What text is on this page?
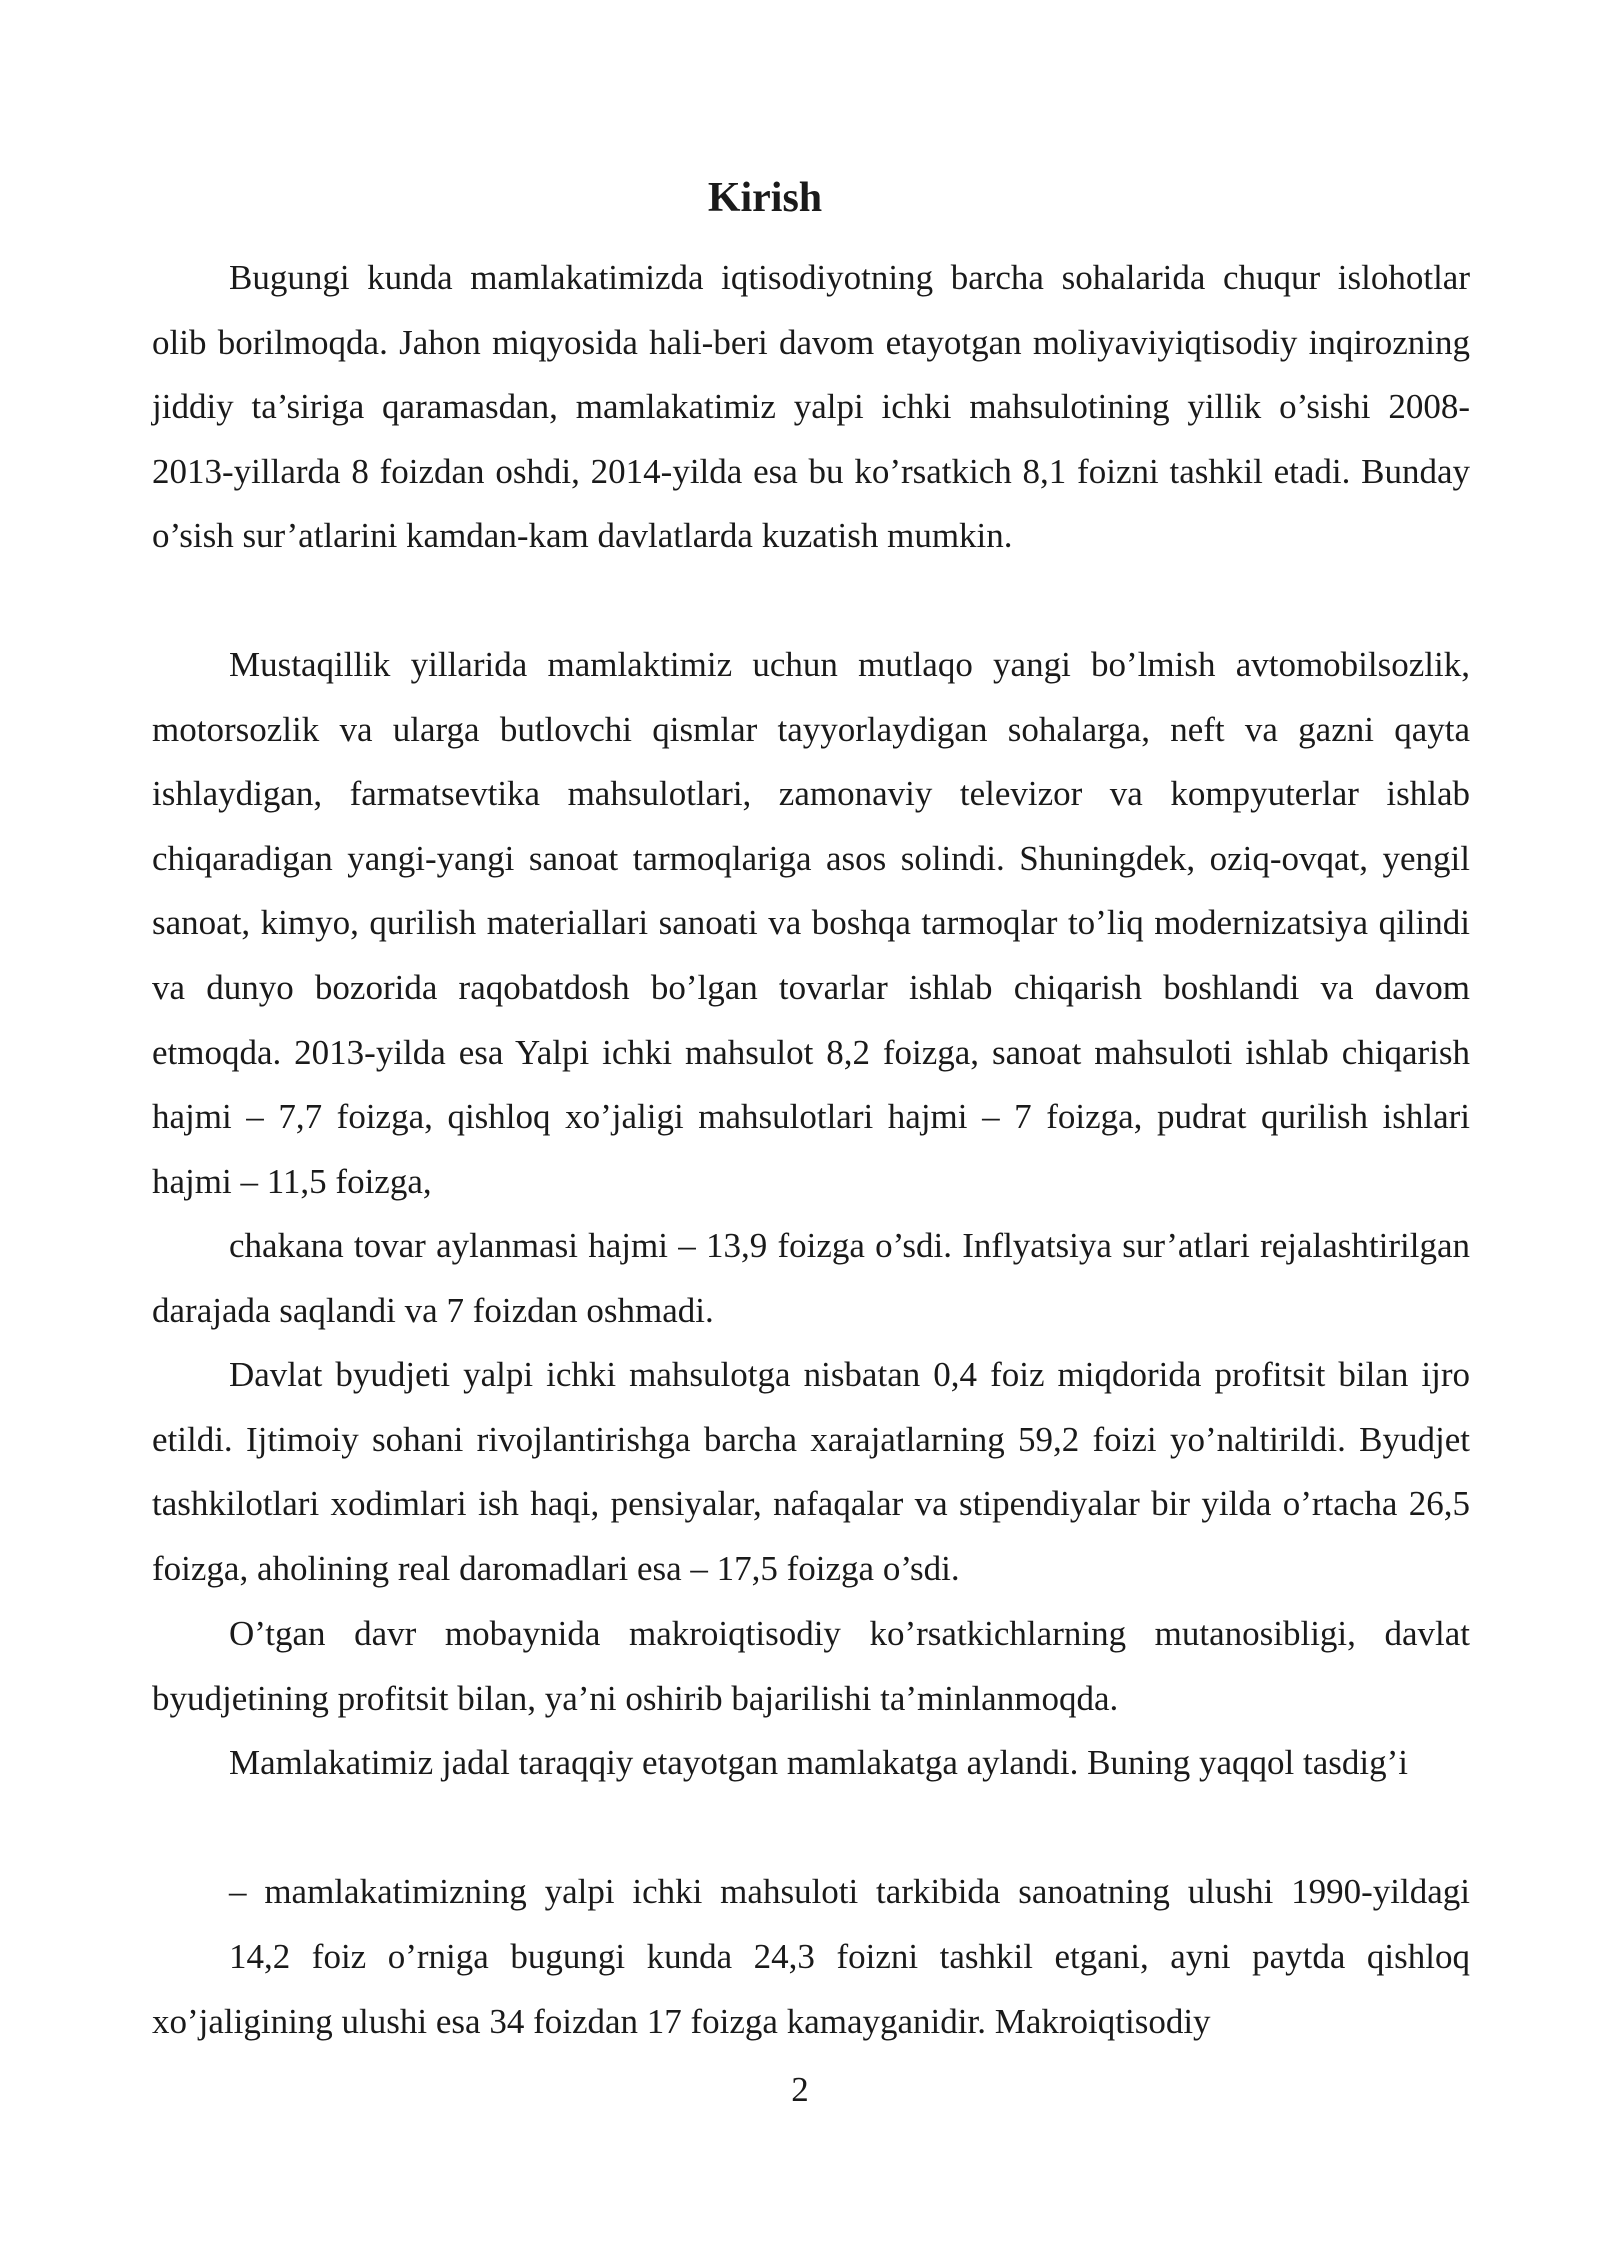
Kirish

Bugungi kunda mamlakatimizda iqtisodiyotning barcha sohalarida chuqur islohotlar olib borilmoqda. Jahon miqyosida hali-beri davom etayotgan moliyaviyiqtisodiy inqirozning jiddiy ta’siriga qaramasdan, mamlakatimiz yalpi ichki mahsulotining yillik o’sishi 2008-2013-yillarda 8 foizdan oshdi, 2014-yilda esa bu ko’rsatkich 8,1 foizni tashkil etadi. Bunday o’sish sur’atlarini kamdan-kam davlatlarda kuzatish mumkin.

Mustaqillik yillarida mamlaktimiz uchun mutlaqo yangi bo’lmish avtomobilsozlik, motorsozlik va ularga butlovchi qismlar tayyorlaydigan sohalarga, neft va gazni qayta ishlaydigan, farmatsevtika mahsulotlari, zamonaviy televizor va kompyuterlar ishlab chiqaradigan yangi-yangi sanoat tarmoqlariga asos solindi. Shuningdek, oziq-ovqat, yengil sanoat, kimyo, qurilish materiallari sanoati va boshqa tarmoqlar to’liq modernizatsiya qilindi va dunyo bozorida raqobatdosh bo’lgan tovarlar ishlab chiqarish boshlandi va davom etmoqda. 2013-yilda esa Yalpi ichki mahsulot 8,2 foizga, sanoat mahsuloti ishlab chiqarish hajmi – 7,7 foizga, qishloq xo’jaligi mahsulotlari hajmi – 7 foizga, pudrat qurilish ishlari hajmi – 11,5 foizga,

chakana tovar aylanmasi hajmi – 13,9 foizga o’sdi. Inflyatsiya sur’atlari rejalashtirilgan darajada saqlandi va 7 foizdan oshmadi.

Davlat byudjeti yalpi ichki mahsulotga nisbatan 0,4 foiz miqdorida profitsit bilan ijro etildi. Ijtimoiy sohani rivojlantirishga barcha xarajatlarning 59,2 foizi yo’naltirildi. Byudjet tashkilotlari xodimlari ish haqi, pensiyalar, nafaqalar va stipendiyalar bir yilda o’rtacha 26,5 foizga, aholining real daromadlari esa – 17,5 foizga o’sdi.

O’tgan davr mobaynida makroiqtisodiy ko’rsatkichlarning mutanosibligi, davlat byudjetining profitsit bilan, ya’ni oshirib bajarilishi ta’minlanmoqda.

Mamlakatimiz jadal taraqqiy etayotgan mamlakatga aylandi. Buning yaqqol tasdig’i

– mamlakatimizning yalpi ichki mahsuloti tarkibida sanoatning ulushi 1990-yildagi

14,2 foiz o’rniga bugungi kunda 24,3 foizni tashkil etgani, ayni paytda qishloq xo’jaligining ulushi esa 34 foizdan 17 foizga kamayganidir. Makroiqtisodiy

2
